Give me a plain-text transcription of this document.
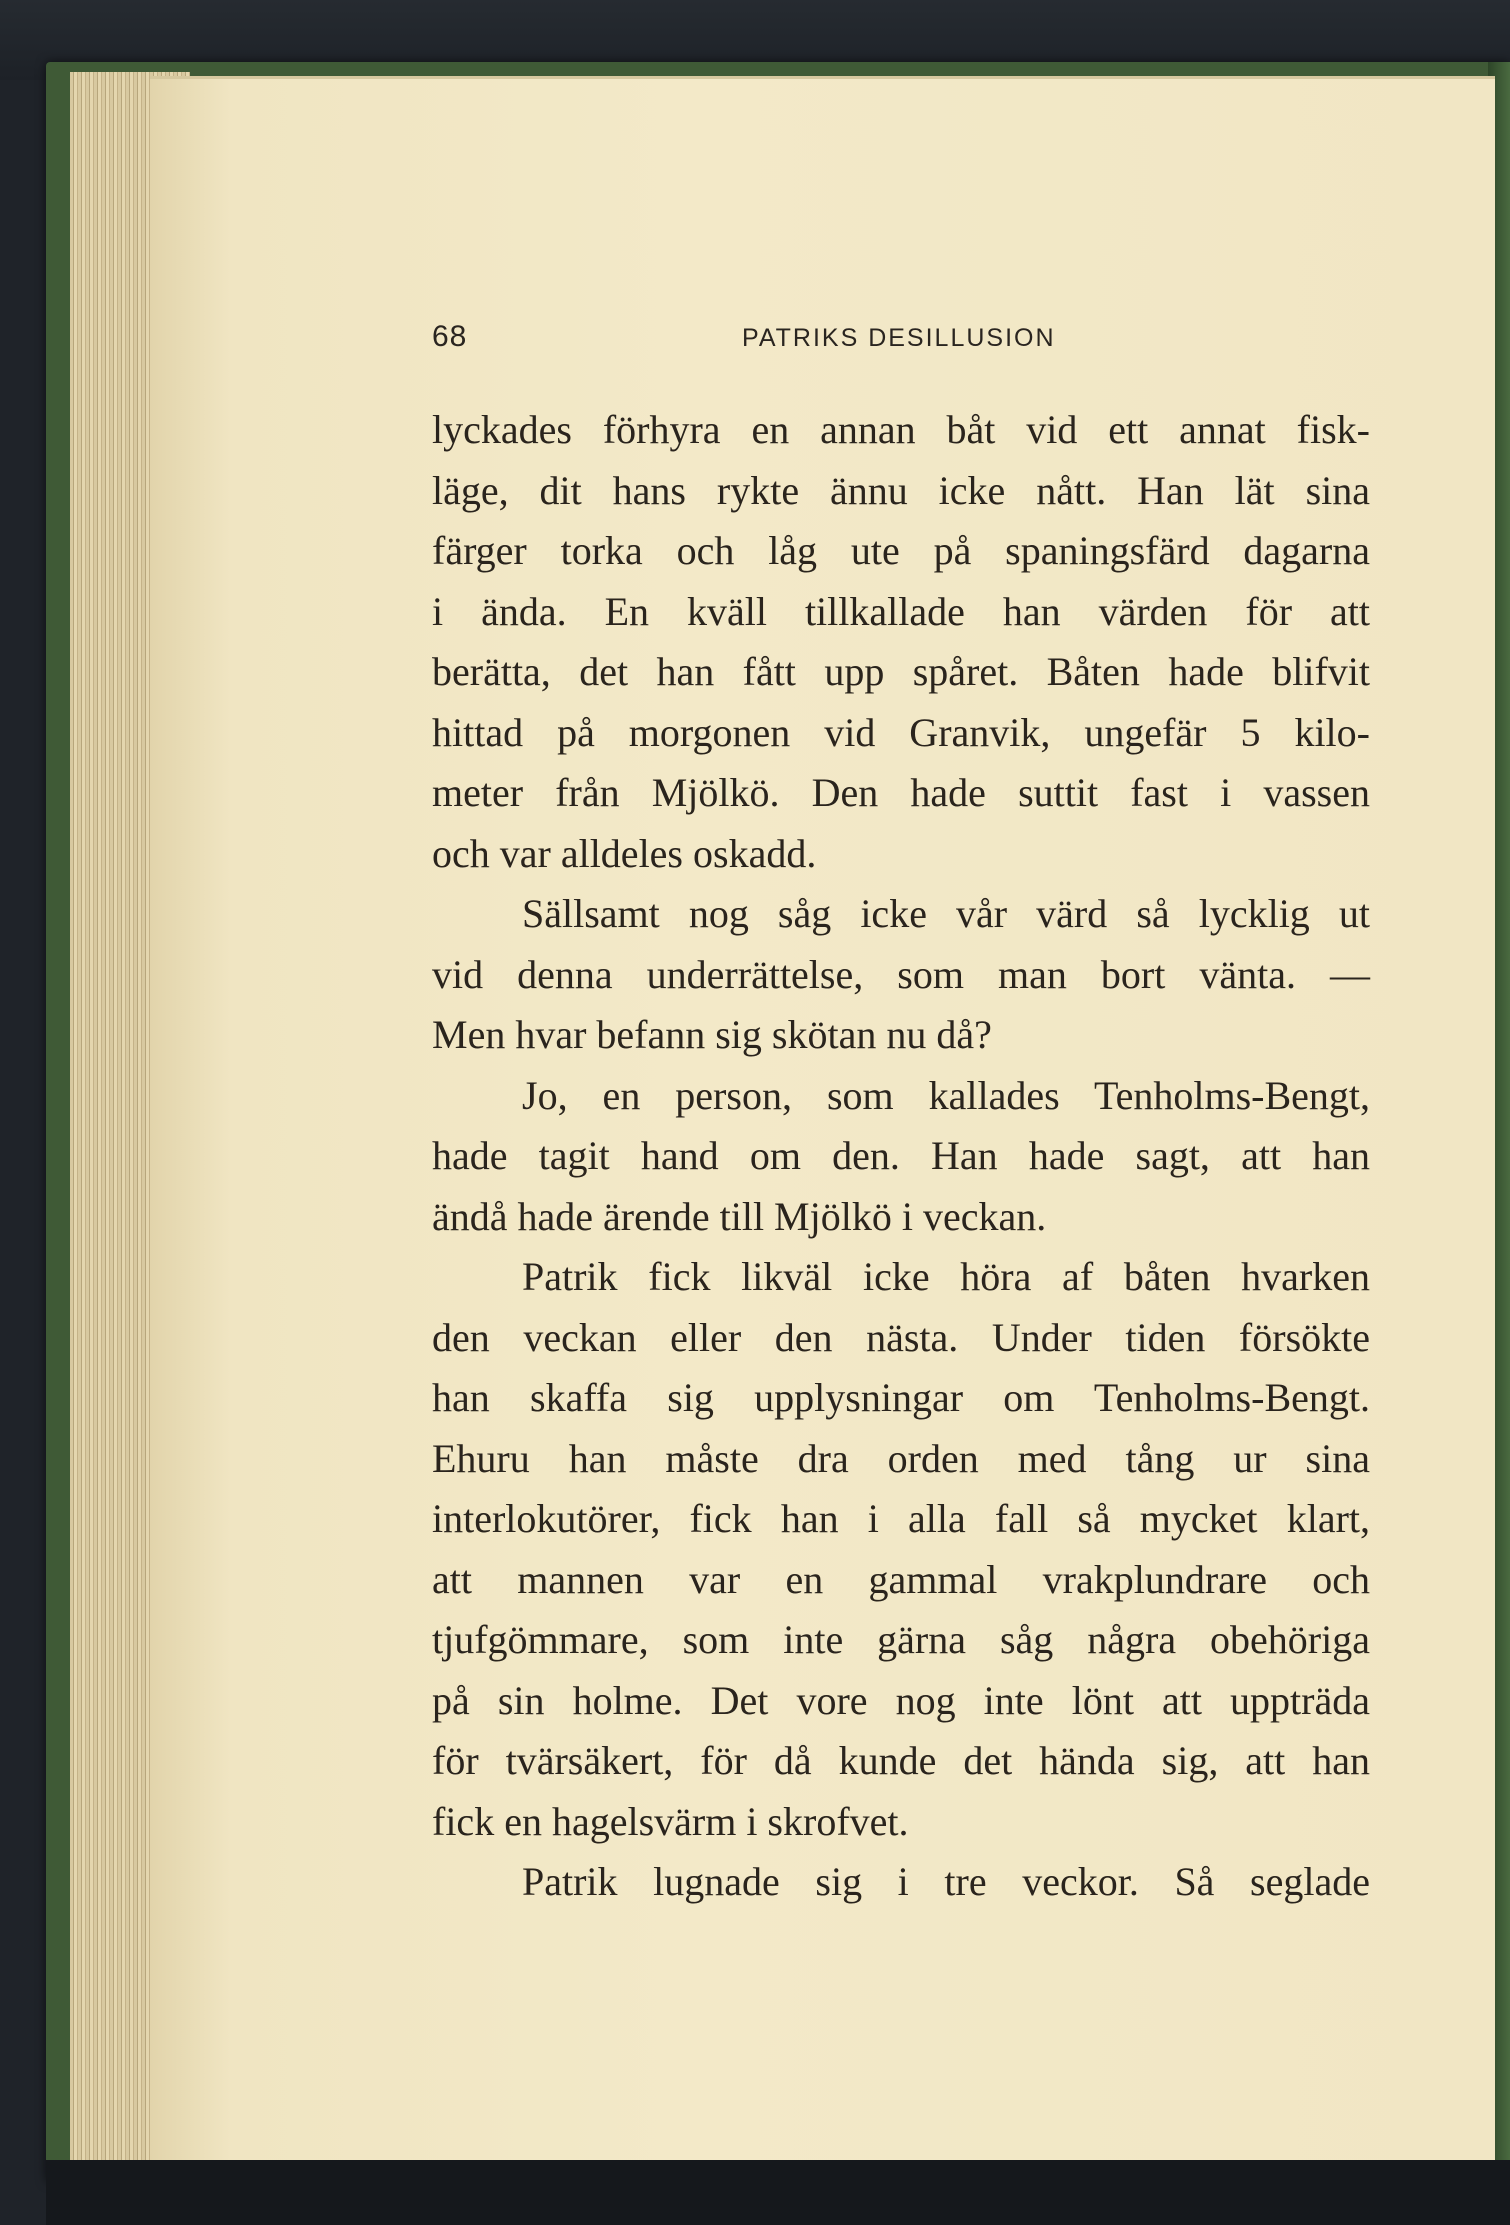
68	PATRIKS DESILLUSION
lyckades förhyra en annan båt vid ett annat fisk-
läge, dit hans rykte ännu icke nått. Han lät sina
färger torka och låg ute på spaningsfärd dagarna
i ända. En kväll tillkallade han värden för att
berätta, det han fått upp spåret. Båten hade blifvit
hittad på morgonen vid Granvik, ungefär 5 kilo-
meter från Mjölkö. Den hade suttit fast i vassen
och var alldeles oskadd.
Sällsamt nog såg icke vår värd så lycklig ut
vid denna underrättelse, som man bort vänta. —
Men hvar befann sig skötan nu då?
Jo, en person, som kallades Tenholms-Bengt,
hade tagit hand om den. Han hade sagt, att han
ändå hade ärende till Mjölkö i veckan.
Patrik fick likväl icke höra af båten hvarken
den veckan eller den nästa. Under tiden försökte
han skaffa sig upplysningar om Tenholms-Bengt.
Ehuru han måste dra orden med tång ur sina
interlokutörer, fick han i alla fall så mycket klart,
att mannen var en gammal vrakplundrare och
tjufgömmare, som inte gärna såg några obehöriga
på sin holme. Det vore nog inte lönt att uppträda
för tvärsäkert, för då kunde det hända sig, att han
fick en hagelsvärm i skrofvet.
Patrik lugnade sig i tre veckor. Så seglade
